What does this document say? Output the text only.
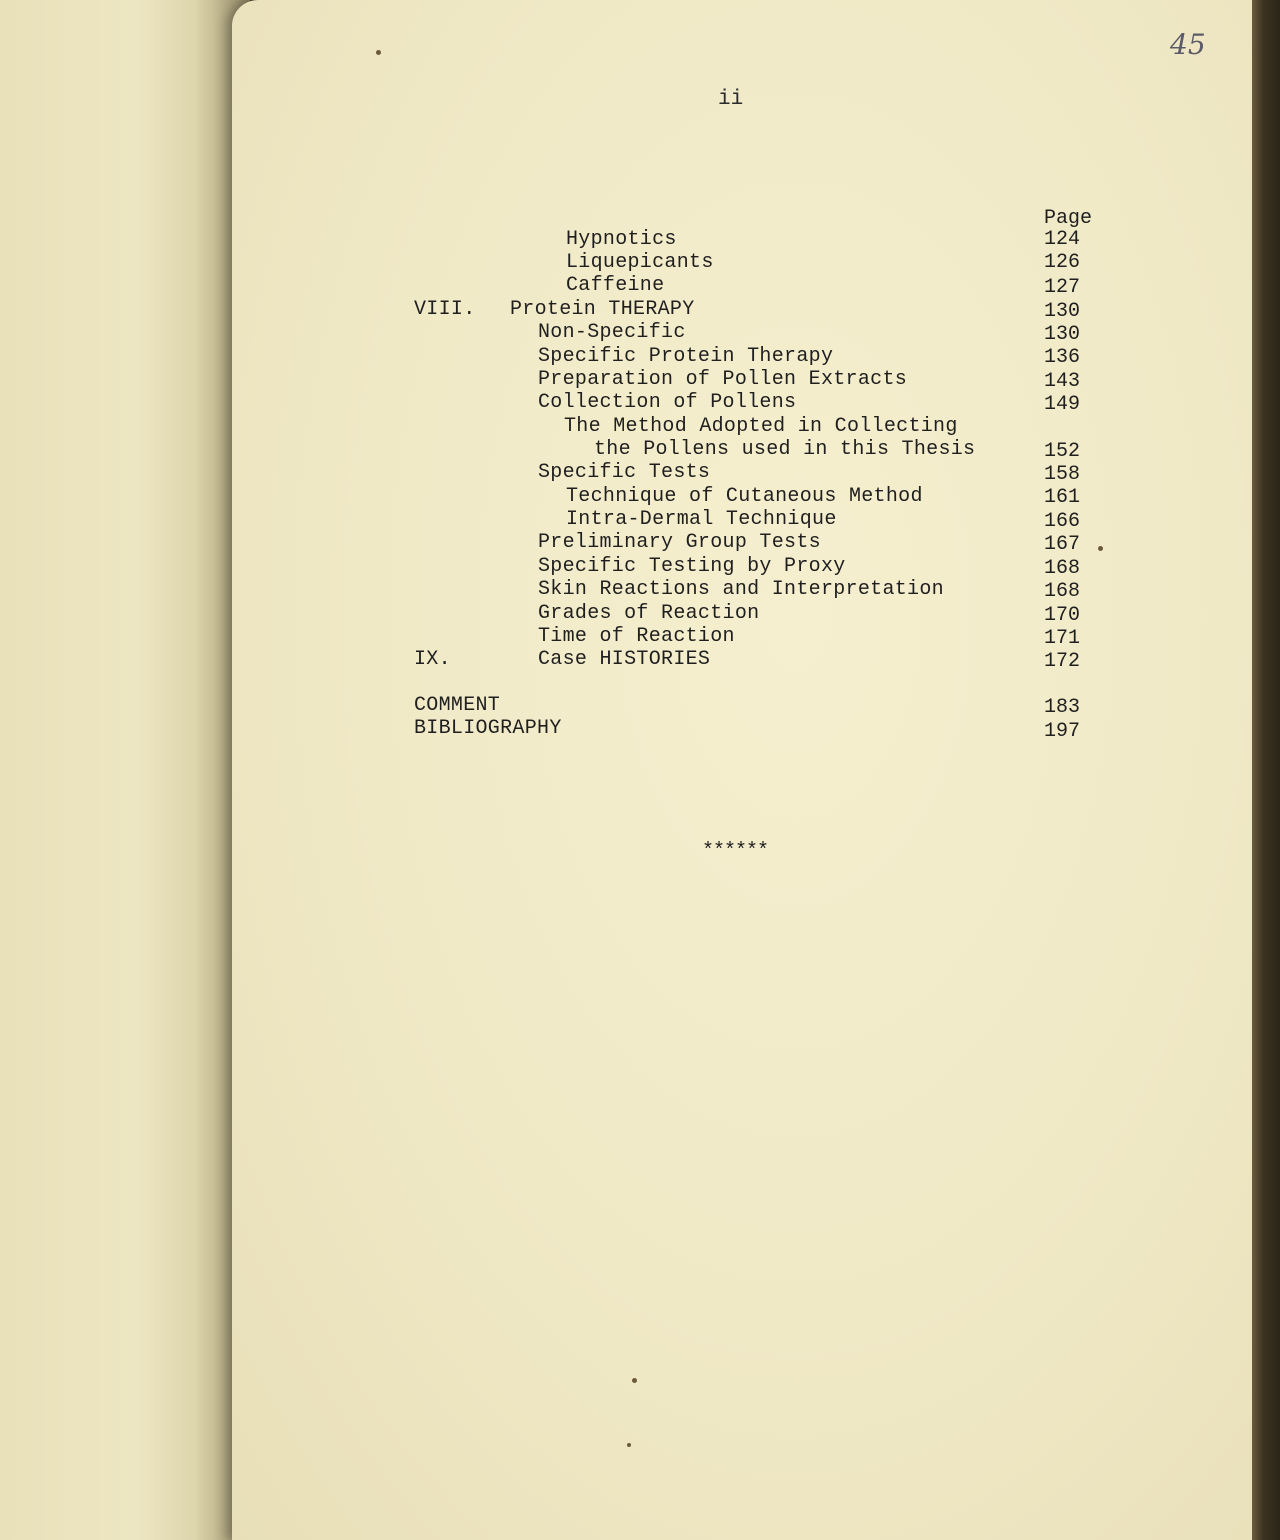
45
ii
Page
Hypnotics	124
Liquepicants	126
Caffeine	127
VIII. Protein THERAPY	130
Non-Specific	130
Specific Protein Therapy	136
Preparation of Pollen Extracts	143
Collection of Pollens	149
The Method Adopted in Collecting
the Pollens used in this Thesis	152
Specific Tests	158
Technique of Cutaneous Method	161
Intra-Dermal Technique	166
Preliminary Group Tests	167
Specific Testing by Proxy	168
Skin Reactions and Interpretation	168
Grades of Reaction	170
Time of Reaction	171
IX.	Case HISTORIES	172
COMMENT	183
BIBLIOGRAPHY	197
******
